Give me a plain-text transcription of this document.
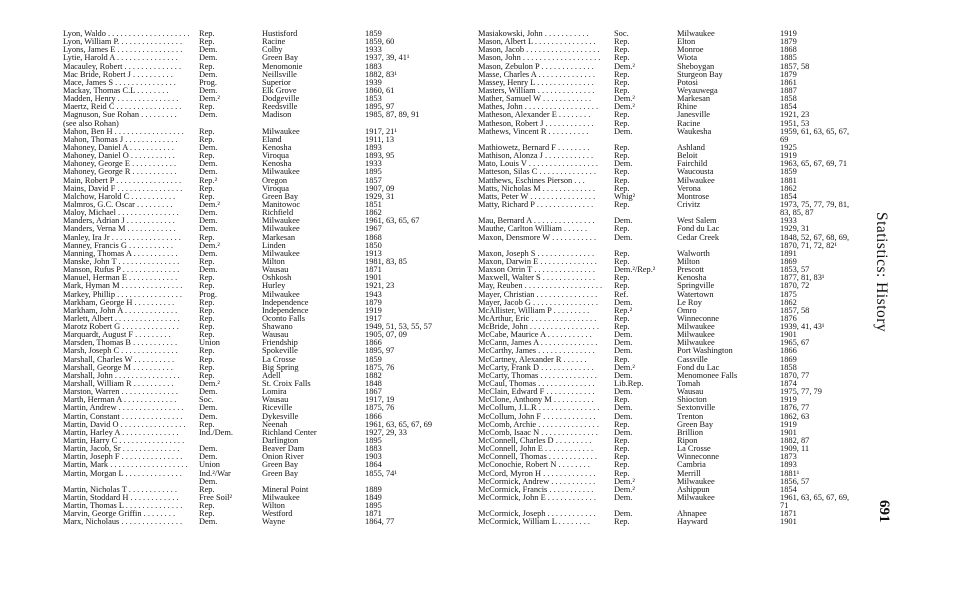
Lyon, Waldo . . . . . . . . . . . . . . . . . . . . Rep.	Hustisford	1859
Lyon, William P. . . . . . . . . . . . . . . . Rep.	Racine	1859, 60
Lyons, James E . . . . . . . . . . . . . . . . Dem.	Colby	1933
Lytie, Harold A . . . . . . . . . . . . . . .	Dem.	Green Bay	1937, 39, 41¹
Macauley, Robert . . . . . . . . . . . . . . Rep.	Menomonie	1883
Mac Bride, Robert J . . . . . . . . . .	Dem.	Neillsville	1882, 83¹
Mace, James S . . . . . . . . . . . . . . .	Prog.	Superior	1939
Mackay, Thomas C.L . . . . . . . .	Dem.	Elk Grove	1860, 61
Madden, Henry . . . . . . . . . . . . . . . Dem.²	Dodgeville	1853
Maertz, Reid C . . . . . . . . . . . . . . . . Rep.	Reedsville	1895, 97
Magnuson, Sue Rohan . . . . . . . . .	Dem.	Madison	1985, 87, 89, 91
(see also Rohan)
Mahon, Ben H . . . . . . . . . . . . . . . . . Rep.	Milwaukee	1917, 21¹
Mahon, Thomas J . . . . . . . . . . . . .	Rep.	Eland	1911, 13
Mahoney, Daniel A . . . . . . . . . . .	Dem.	Kenosha	1893
Mahoney, Daniel O . . . . . . . . . . .	Rep.	Viroqua	1893, 95
Mahoney, George E . . . . . . . . . . .	Dem.	Kenosha	1933
Mahoney, George R . . . . . . . . . . .	Dem.	Milwaukee	1895
Main, Robert P . . . . . . . . . . . . . . . . Rep.²	Oregon	1857
Mains, David F . . . . . . . . . . . . . . . . Rep.	Viroqua	1907, 09
Malchow, Harold C . . . . . . . . . . .	Rep.	Green Bay	1929, 31
Malmros, G.C. Oscar . . . . . . . . .	Dem.²	Manitowoc	1851
Maloy, Michael . . . . . . . . . . . . . . . Dem.	Richfield	1862
Manders, Adrian J . . . . . . . . . . . .	Dem.	Milwaukee	1961, 63, 65, 67
Manders, Verna M . . . . . . . . . . . .	Dem.	Milwaukee	1967
Manley, Ira Jr . . . . . . . . . . . . . . . . . Rep.	Markesan	1868
Manney, Francis G . . . . . . . . . . .	Dem.²	Linden	1850
Manning, Thomas A . . . . . . . . . . .	Dem.	Milwaukee	1913
Manske, John T . . . . . . . . . . . . . . . Rep.	Milton	1981, 83, 85
Manson, Rufus P . . . . . . . . . . . . . . Dem.	Wausau	1871
Manuel, Herman E . . . . . . . . . . . .	Rep.	Oshkosh	1901
Mark, Hyman M . . . . . . . . . . . . . . . Rep.	Hurley	1921, 23
Markey, Phillip . . . . . . . . . . . . . . . . Prog.	Milwaukee	1943
Markham, George H . . . . . . . . . .	Rep.	Independence	1879
Markham, John A . . . . . . . . . . . . .	Rep.	Independence	1919
Marlett, Albert . . . . . . . . . . . . . . . . Rep.	Oconto Falls	1917
Marotz Robert G . . . . . . . . . . . . . . Rep.	Shawano	1949, 51, 53, 55, 57
Marquardt, August F . . . . . . . . .	Rep.	Wausau	1905, 07, 09
Marsden, Thomas B . . . . . . . . . . .	Union	Friendship	1866
Marsh, Joseph C . . . . . . . . . . . . . .	Rep.	Spokeville	1895, 97
Marshall, Charles W . . . . . . . . . .	Rep.	La Crosse	1859
Marshall, George M . . . . . . . . . .	Rep.	Big Spring	1875, 76
Marshall, John . . . . . . . . . . . . . . . . Rep.	Adell	1882
Marshall, William R . . . . . . . . . .	Dem.²	St. Croix Falls	1848
Marston, Warren . . . . . . . . . . . . . . Dem.	Lomira	1867
Marth, Herman A . . . . . . . . . . . . .	Soc.	Wausau	1917, 19
Martin, Andrew . . . . . . . . . . . . . . . . Dem.	Riceville	1875, 76
Martin, Constant . . . . . . . . . . . . . . . Dem.	Dykesville	1866
Martin, David O . . . . . . . . . . . . . . . . Rep.	Neenah	1961, 63, 65, 67, 69
Martin, Harley A . . . . . . . . . . . . . . Ind./Dem.	Richland Center	1927, 29, 33
Martin, Harry C . . . . . . . . . . . . . . . .	Darlington	1895
Martin, Jacob, Sr . . . . . . . . . . . . . . Dem.	Beaver Dam	1883
Martin, Joseph F . . . . . . . . . . . . . . . Dem.	Onion River	1903
Martin, Mark . . . . . . . . . . . . . . . . . . . Union	Green Bay	1864
Martin, Morgan L . . . . . . . . . . . . . . Ind.²/War	Green Bay	1855, 74¹
Dem.
Martin, Nicholas T . . . . . . . . . . . .	Rep.	Mineral Point	1889
Martin, Stoddard H . . . . . . . . . . . . Free Soil²	Milwaukee	1849
Martin, Thomas L . . . . . . . . . . . . . . Rep.	Wilton	1895
Marvin, George Griffin . . . . . . . .	Rep.	Westford	1871
Marx, Nicholaus . . . . . . . . . . . . . . . Dem.	Wayne	1864, 77
Masiakowski, John . . . . . . . . . . .	Soc.	Milwaukee	1919
Mason, Albert L . . . . . . . . . . . . . . . Rep.	Elton	1879
Mason, Jacob . . . . . . . . . . . . . . . . . . Rep.	Monroe	1868
Mason, John . . . . . . . . . . . . . . . . . . . Rep.	Wiota	1885
Mason, Zebulon P . . . . . . . . . . . . . Dem.²	Sheboygan	1857, 58
Masse, Charles A . . . . . . . . . . . . . . Rep.	Sturgeon Bay	1879
Massey, Henry L . . . . . . . . . . . . . . Rep.	Potosi	1861
Masters, William . . . . . . . . . . . . . . Rep.	Weyauwega	1887
Mather, Samuel W . . . . . . . . . . . .	Dem.²	Markesan	1858
Mathes, John . . . . . . . . . . . . . . . . . . Dem.²	Rhine	1854
Matheson, Alexander E . . . . . . . .	Rep.	Janesville	1921, 23
Matheson, Robert J . . . . . . . . . . . . Rep.	Racine	1951, 53
Mathews, Vincent R . . . . . . . . . .	Dem.	Waukesha	1959, 61, 63, 65, 67,
69
Mathiowetz, Bernard F . . . . . . . .	Rep.	Ashland	1925
Mathison, Alonza J . . . . . . . . . . . . Rep.	Beloit	1919
Mato, Louis V . . . . . . . . . . . . . . . . . Dem.	Fairchild	1963, 65, 67, 69, 71
Matteson, Silas C . . . . . . . . . . . . . . Rep.	Waucousta	1859
Matthews, Eschines Pierson . . .	Rep.	Milwaukee	1881
Matts, Nicholas M . . . . . . . . . . . . . Rep.	Verona	1862
Matts, Peter W . . . . . . . . . . . . . . . . Whig²	Montrose	1854
Matty, Richard P . . . . . . . . . . . . . . Rep.	Crivitz	1973, 75, 77, 79, 81,
83, 85, 87
Mau, Bernard A . . . . . . . . . . . . . . . Dem.	West Salem	1933
Mauthe, Carlton William . . . . . .	Rep.	Fond du Lac	1929, 31
Maxon, Densmore W . . . . . . . . . . . Dem.	Cedar Creek	1848, 52, 67, 68, 69,
1870, 71, 72, 82¹
Maxon, Joseph S . . . . . . . . . . . . . . Rep.	Walworth	1891
Maxon, Darwin E . . . . . . . . . . . . . . Rep.	Milton	1869
Maxson Orrin T . . . . . . . . . . . . . . . Dem.²/Rep.²	Prescott	1853, 57
Maxwell, Walter S . . . . . . . . . . . . . Rep.	Kenosha	1877, 81, 83¹
May, Reuben . . . . . . . . . . . . . . . . . . . Rep.	Springville	1870, 72
Mayer, Christian . . . . . . . . . . . . . . . Ref.	Watertown	1875
Mayer, Jacob G . . . . . . . . . . . . . . . . Dem.	Le Roy	1862
McAllister, William P . . . . . . . . .	Rep.²	Omro	1857, 58
McArthur, Eric . . . . . . . . . . . . . . . . Rep.	Winneconne	1876
McBride, John . . . . . . . . . . . . . . . . . Rep.	Milwaukee	1939, 41, 43¹
McCabe, Maurice A . . . . . . . . . . .	Dem.	Milwaukee	1901
McCann, James A . . . . . . . . . . . . . . Dem.	Milwaukee	1965, 67
McCarthy, James . . . . . . . . . . . . . . Dem.	Port Washington	1866
McCartney, Alexander R . . . . . .	Rep.	Cassville	1869
McCarty, Frank D . . . . . . . . . . . . . Dem.²	Fond du Lac	1858
McCarty, Thomas . . . . . . . . . . . . . . Dem.	Menomonee Falls	1870, 77
McCaul, Thomas . . . . . . . . . . . . . . Lib.Rep.	Tomah	1874
McClain, Edward F . . . . . . . . . . . . Dem.	Wausau	1975, 77, 79
McClone, Anthony M . . . . . . . . . . Rep.	Shiocton	1919
McCollum, J.L.R . . . . . . . . . . . . . . . Dem.	Sextonville	1876, 77
McCollum, John F . . . . . . . . . . . . . Dem.	Trenton	1862, 63
McComb, Archie . . . . . . . . . . . . . . . Rep.	Green Bay	1919
McComb, Isaac N . . . . . . . . . . . . . . Dem.	Brillion	1901
McConnell, Charles D . . . . . . . . .	Rep.	Ripon	1882, 87
McConnell, John E . . . . . . . . . . . . Rep.	La Crosse	1909, 11
McConnell, Thomas . . . . . . . . . . . . Rep.	Winneconne	1873
McConochie, Robert N . . . . . . . .	Rep.	Cambria	1893
McCord, Myron H . . . . . . . . . . . . . Rep.	Merrill	1881¹
McCormick, Andrew . . . . . . . . . . . Dem.²	Milwaukee	1856, 57
McCormick, Francis . . . . . . . . . . . Dem.²	Ashippun	1854
McCormick, John E . . . . . . . . . . . . Dem.	Milwaukee	1961, 63, 65, 67, 69,
71
McCormick, Joseph . . . . . . . . . . . . Dem.	Ahnapee	1871
McCormick, William L . . . . . . . .	Rep.	Hayward	1901
Statistics: History
691
